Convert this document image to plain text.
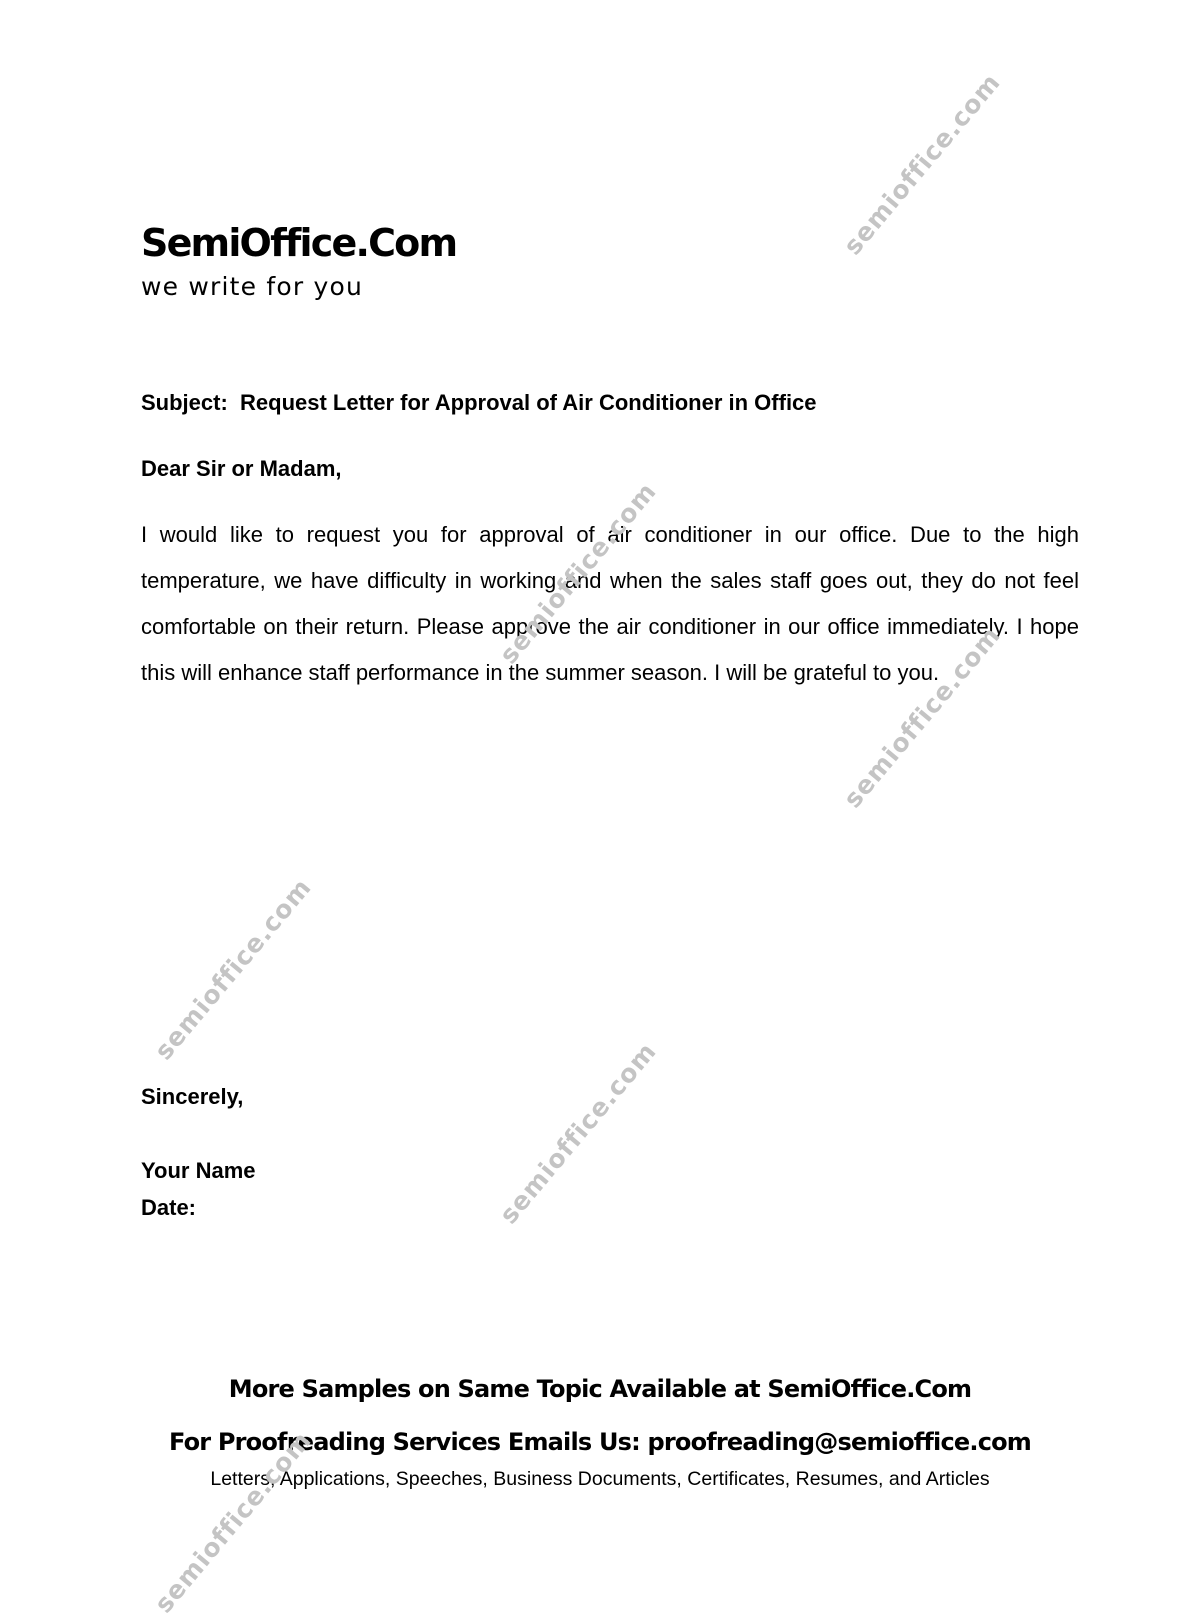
SemiOffice.Com
we write for you
Subject:  Request Letter for Approval of Air Conditioner in Office
Dear Sir or Madam,

I would like to request you for approval of air conditioner in our office. Due to the high temperature, we have difficulty in working and when the sales staff goes out, they do not feel comfortable on their return. Please approve the air conditioner in our office immediately. I hope this will enhance staff performance in the summer season. I will be grateful to you.

Sincerely,
Your Name
Date:
More Samples on Same Topic Available at SemiOffice.Com
For Proofreading Services Emails Us: proofreading@semioffice.com
Letters, Applications, Speeches, Business Documents, Certificates, Resumes, and Articles
semioffice.com
semioffice.com
semioffice.com
semioffice.com
semioffice.com
semioffice.com
